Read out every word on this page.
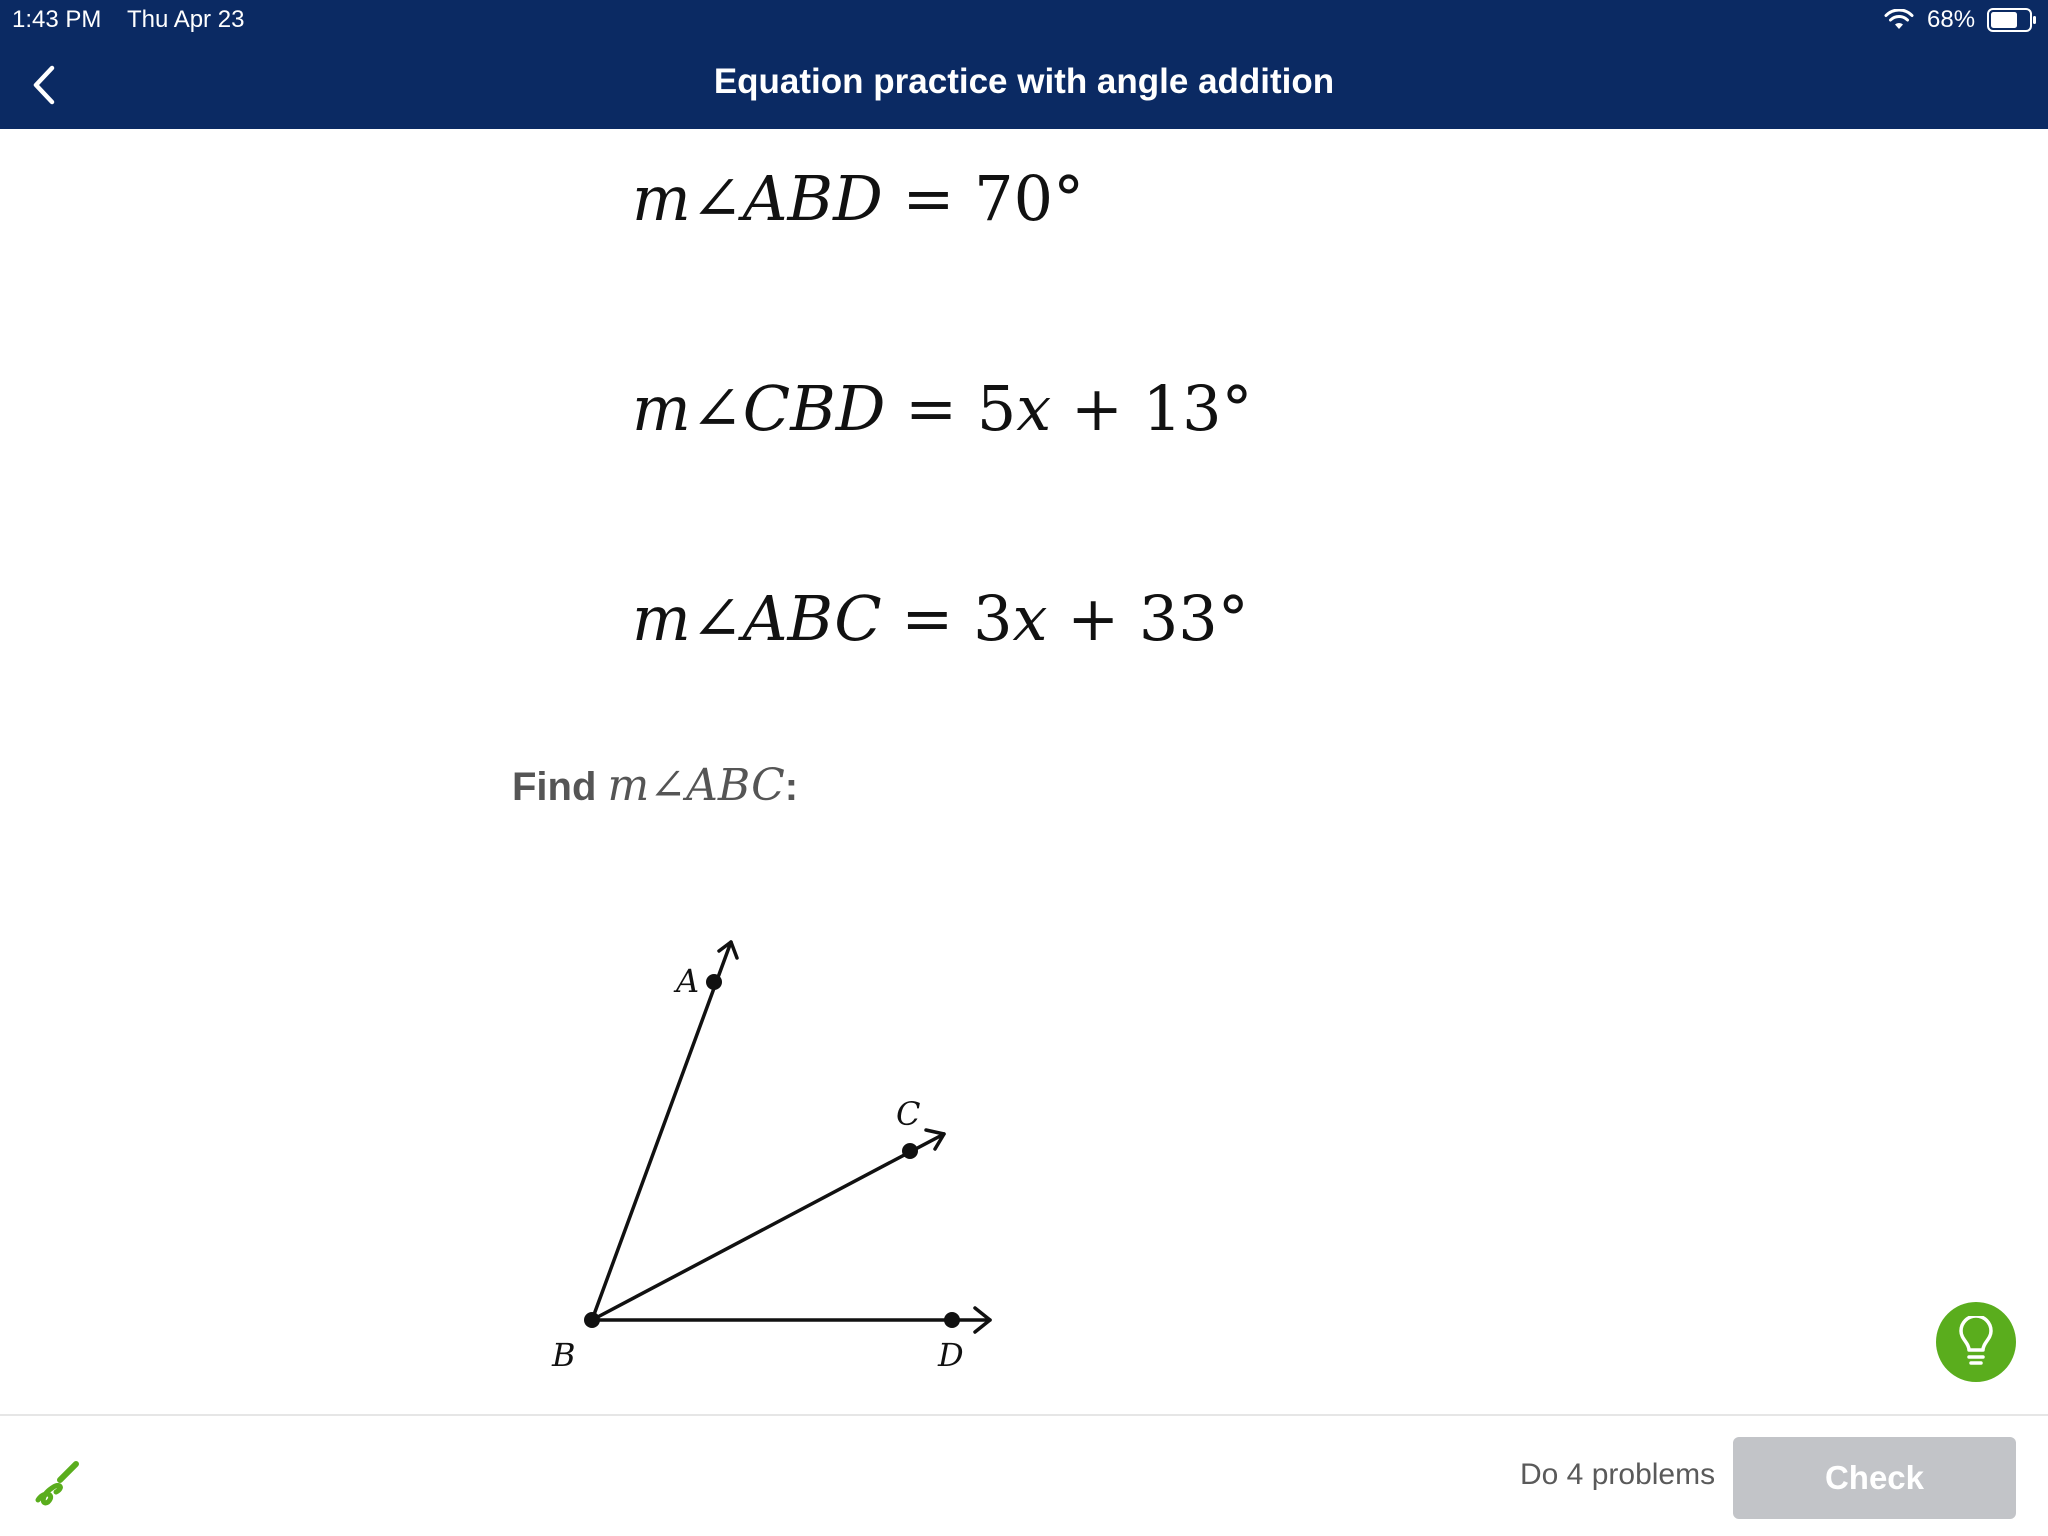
1:43 PM Thu Apr 23	68%
Equation practice with angle addition
m∠ABD = 70°
m∠CBD = 5x + 13°
m∠ABC = 3x + 33°
Find m∠ABC:
A
C
B	D
Do 4 problems	Check
